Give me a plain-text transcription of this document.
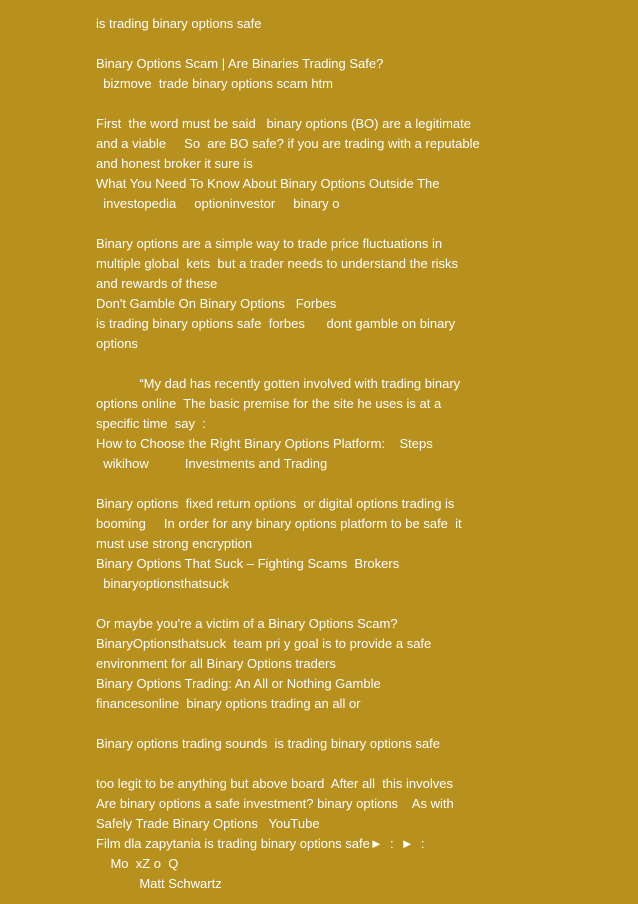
is trading binary options safe
Binary Options Scam | Are Binaries Trading Safe?
bizmove  trade binary options scam htm
First  the word must be said   binary options (BO) are a legitimate
and a viable     So  are BO safe? if you are trading with a reputable
and honest broker it sure is
What You Need To Know About Binary Options Outside The
investopedia     optioninvestor     binary o
Binary options are a simple way to trade price fluctuations in
multiple global  kets  but a trader needs to understand the risks
and rewards of these
Don't Gamble On Binary Options   Forbes
is trading binary options safe  forbes      dont gamble on binary
options
“My dad has recently gotten involved with trading binary
options online  The basic premise for the site he uses is at a
specific time  say  :
How to Choose the Right Binary Options Platform:    Steps
wikihow          Investments and Trading
Binary options  fixed return options  or digital options trading is
booming     In order for any binary options platform to be safe  it
must use strong encryption
Binary Options That Suck – Fighting Scams  Brokers
binaryoptionsthatsuck
Or maybe you're a victim of a Binary Options Scam?
BinaryOptionsthatsuck  team pri y goal is to provide a safe
environment for all Binary Options traders
Binary Options Trading: An All or Nothing Gamble
financesonline  binary options trading an all or
Binary options trading sounds  is trading binary options safe
too legit to be anything but above board  After all  this involves
Are binary options a safe investment? binary options    As with
Safely Trade Binary Options   YouTube
Film dla zapytania is trading binary options safe►  :  ►  :
Mo  xZ o  Q
Matt Schwartz
